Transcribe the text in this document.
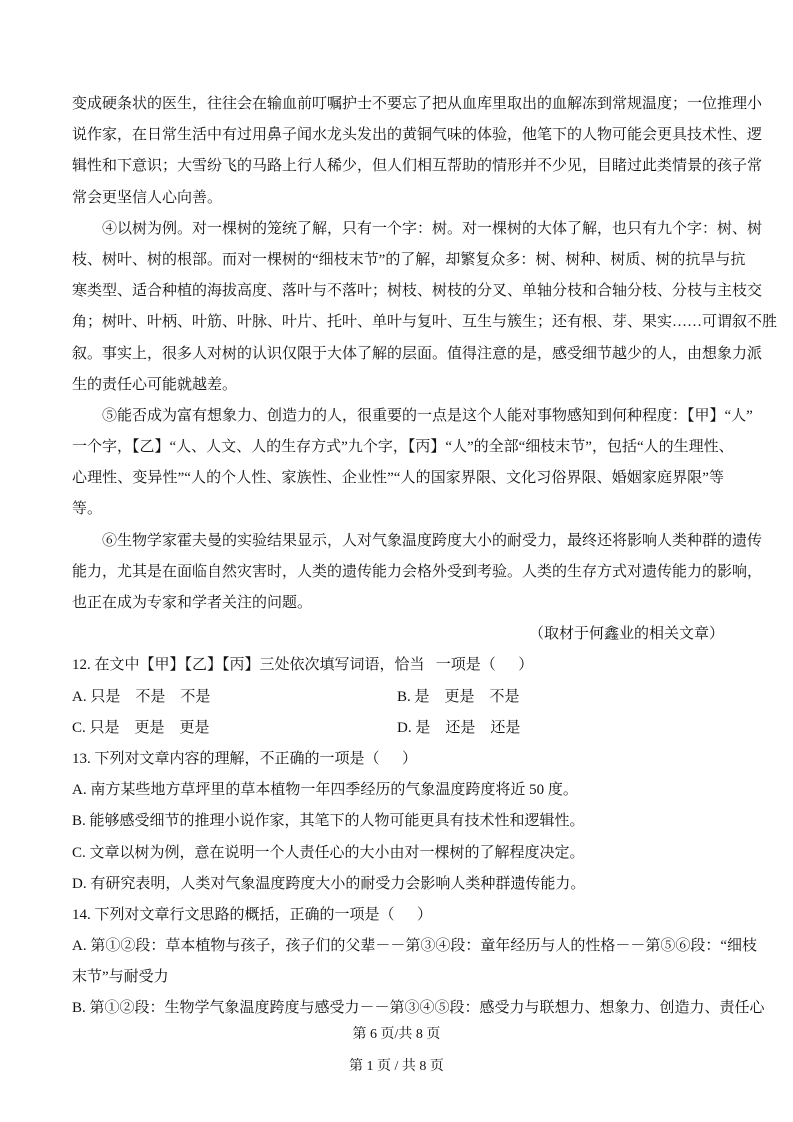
变成硬条状的医生，往往会在输血前叮嘱护士不要忘了把从血库里取出的血解冻到常规温度；一位推理小
说作家，在日常生活中有过用鼻子闻水龙头发出的黄铜气味的体验，他笔下的人物可能会更具技术性、逻
辑性和下意识；大雪纷飞的马路上行人稀少，但人们相互帮助的情形并不少见，目睹过此类情景的孩子常
常会更坚信人心向善。
④以树为例。对一棵树的笼统了解，只有一个字：树。对一棵树的大体了解，也只有九个字：树、树
枝、树叶、树的根部。而对一棵树的“细枝末节”的了解，却繁复众多：树、树种、树质、树的抗旱与抗
寒类型、适合种植的海拔高度、落叶与不落叶；树枝、树枝的分叉、单轴分枝和合轴分枝、分枝与主枝交
角；树叶、叶柄、叶筋、叶脉、叶片、托叶、单叶与复叶、互生与簇生；还有根、芽、果实……可谓叙不胜
叙。事实上，很多人对树的认识仅限于大体了解的层面。值得注意的是，感受细节越少的人，由想象力派
生的责任心可能就越差。
⑤能否成为富有想象力、创造力的人，很重要的一点是这个人能对事物感知到何种程度：【甲】“人”
一个字，【乙】“人、人文、人的生存方式”九个字，【丙】“人”的全部“细枝末节”，包括“人的生理性、
心理性、变异性”“人的个人性、家族性、企业性”“人的国家界限、文化习俗界限、婚姻家庭界限”等
等。
⑥生物学家霍夫曼的实验结果显示，人对气象温度跨度大小的耐受力，最终还将影响人类种群的遗传
能力，尤其是在面临自然灾害时，人类的遗传能力会格外受到考验。人类的生存方式对遗传能力的影响，
也正在成为专家和学者关注的问题。
（取材于何鑫业的相关文章）
12. 在文中【甲】【乙】【丙】三处依次填写词语，恰当   一项是（      ）
A. 只是    不是    不是	B. 是    更是    不是
C. 只是    更是    更是	D. 是    还是    还是
13. 下列对文章内容的理解，不正确的一项是（      ）
A. 南方某些地方草坪里的草本植物一年四季经历的气象温度跨度将近 50 度。
B. 能够感受细节的推理小说作家，其笔下的人物可能更具有技术性和逻辑性。
C. 文章以树为例，意在说明一个人责任心的大小由对一棵树的了解程度决定。
D. 有研究表明，人类对气象温度跨度大小的耐受力会影响人类种群遗传能力。
14. 下列对文章行文思路的概括，正确的一项是（      ）
A. 第①②段：草本植物与孩子，孩子们的父辈－－第③④段：童年经历与人的性格－－第⑤⑥段：“细枝
末节”与耐受力
B. 第①②段：生物学气象温度跨度与感受力－－第③④⑤段：感受力与联想力、想象力、创造力、责任心
第 6 页/共 8 页
第 1 页 / 共 8 页
